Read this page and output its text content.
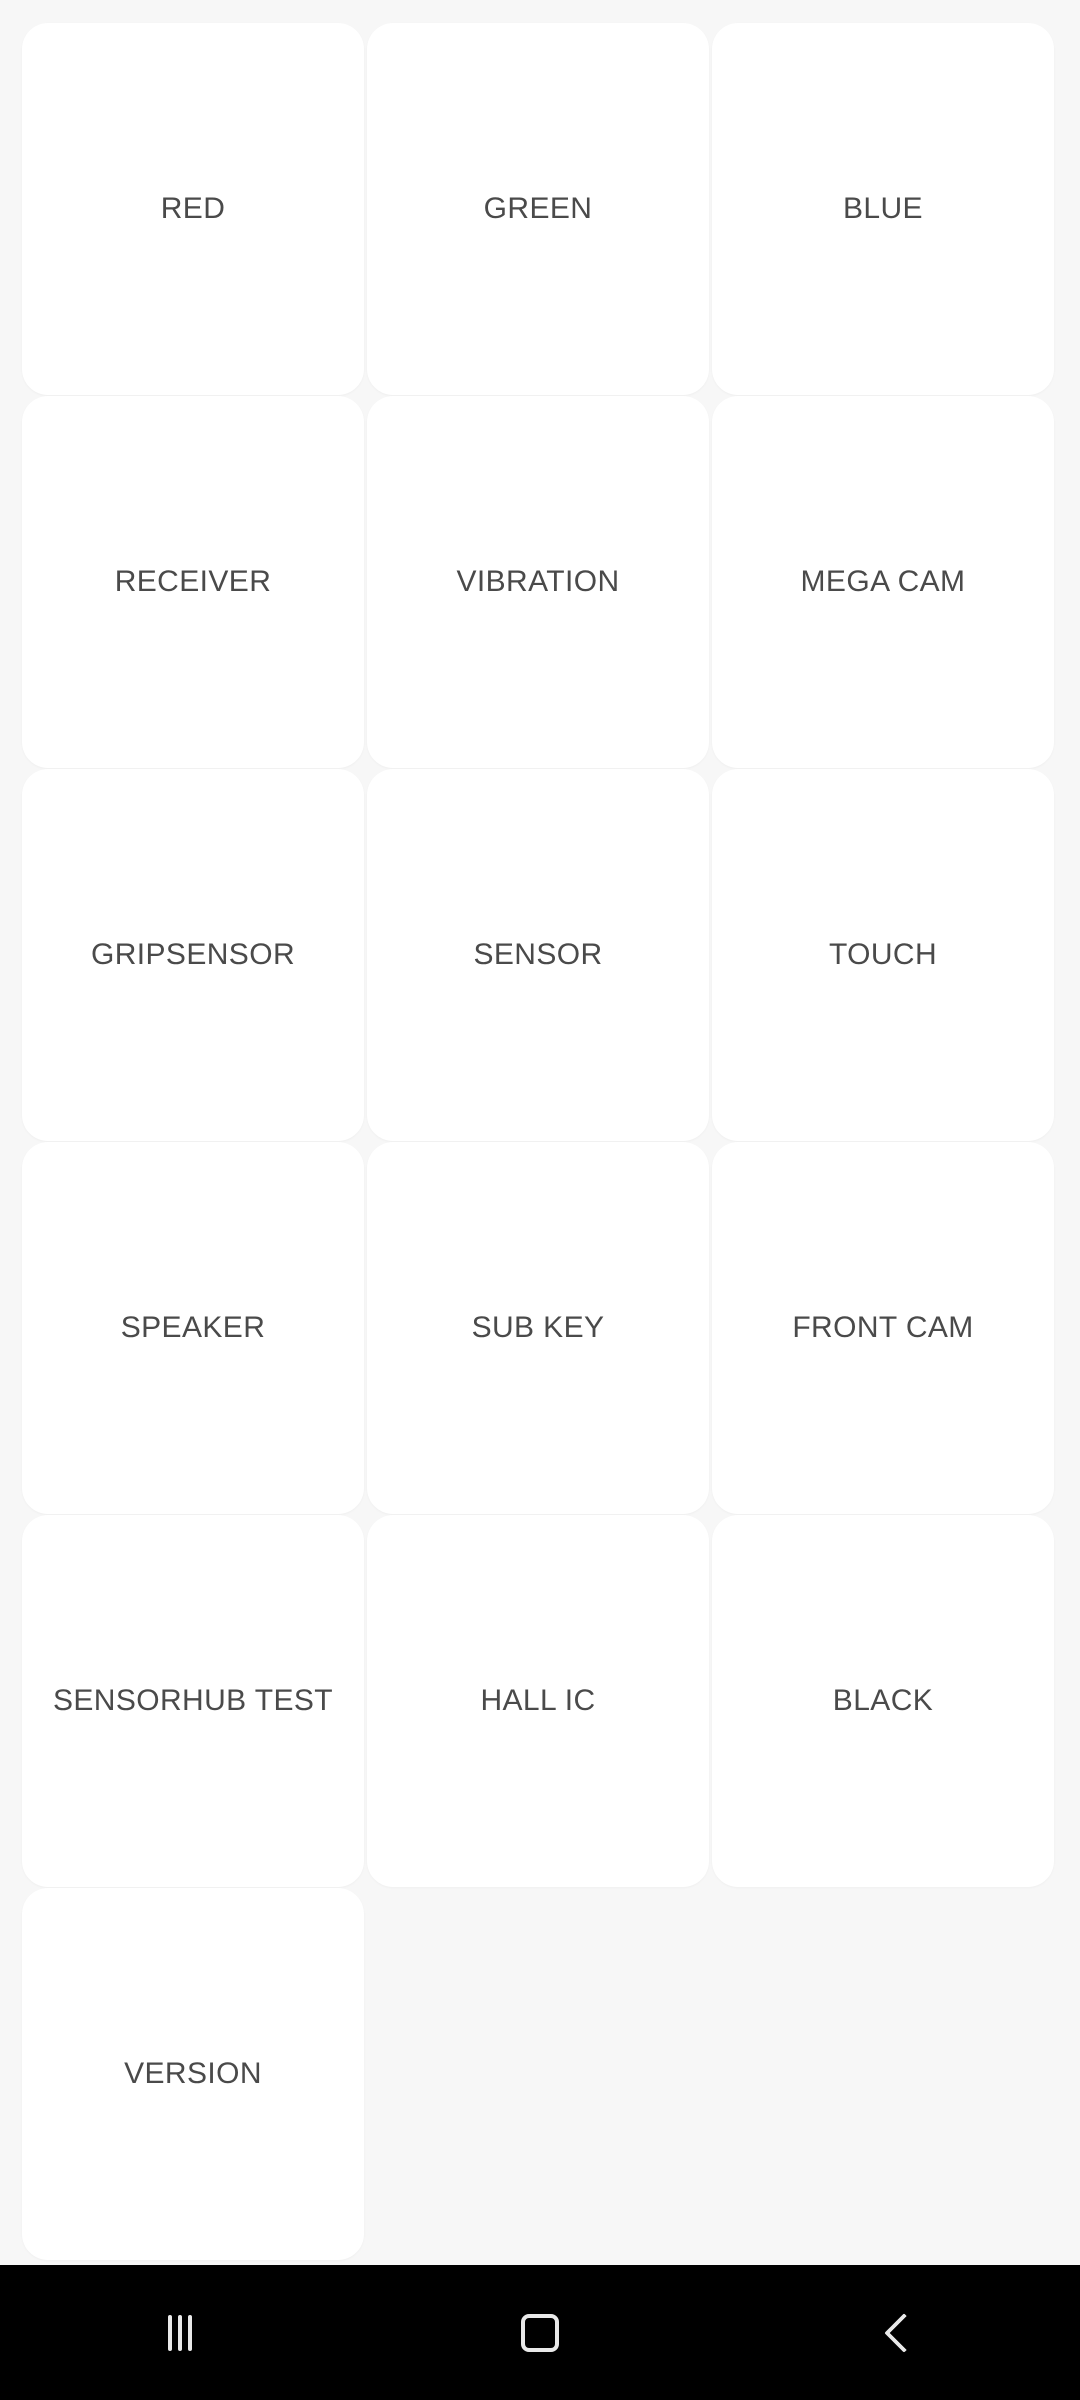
RED	GREEN	BLUE
RECEIVER	VIBRATION	MEGA CAM
GRIPSENSOR	SENSOR	TOUCH
SPEAKER	SUB KEY	FRONT CAM
SENSORHUB TEST	HALL IC	BLACK
VERSION
